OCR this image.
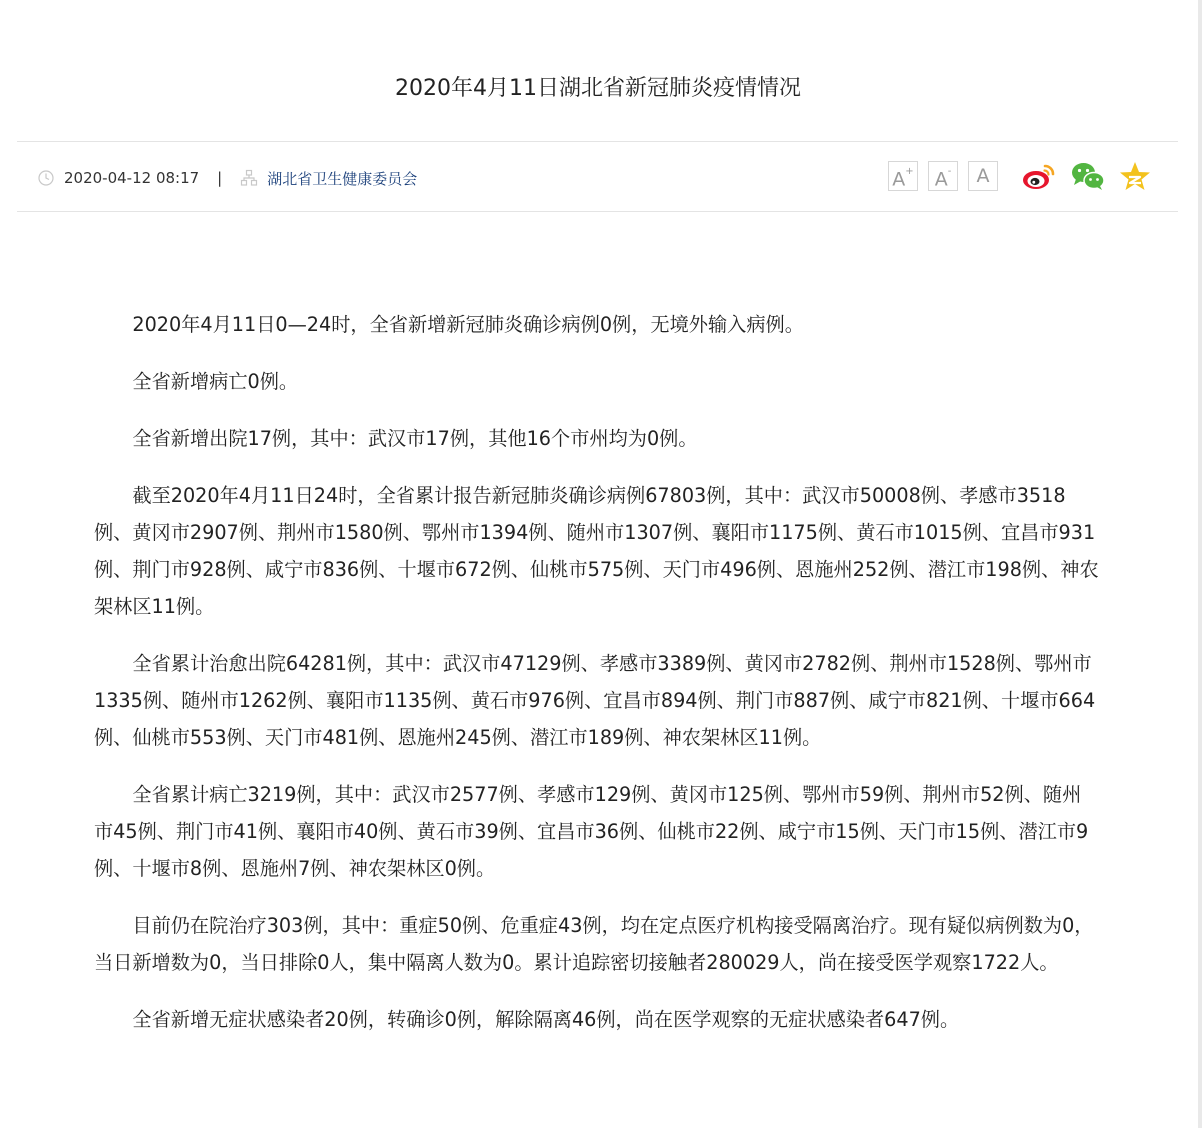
2020年4月11日湖北省新冠肺炎疫情情况
2020-04-12 08:17 |	湖北省卫生健康委员会	A+	A-	A

2020年4月11日0—24时，全省新增新冠肺炎确诊病例0例，无境外输入病例。

全省新增病亡0例。

全省新增出院17例，其中：武汉市17例，其他16个市州均为0例。

截至2020年4月11日24时，全省累计报告新冠肺炎确诊病例67803例，其中：武汉市50008例、孝感市3518例、黄冈市2907例、荆州市1580例、鄂州市1394例、随州市1307例、襄阳市1175例、黄石市1015例、宜昌市931例、荆门市928例、咸宁市836例、十堰市672例、仙桃市575例、天门市496例、恩施州252例、潜江市198例、神农架林区11例。

全省累计治愈出院64281例，其中：武汉市47129例、孝感市3389例、黄冈市2782例、荆州市1528例、鄂州市1335例、随州市1262例、襄阳市1135例、黄石市976例、宜昌市894例、荆门市887例、咸宁市821例、十堰市664例、仙桃市553例、天门市481例、恩施州245例、潜江市189例、神农架林区11例。

全省累计病亡3219例，其中：武汉市2577例、孝感市129例、黄冈市125例、鄂州市59例、荆州市52例、随州市45例、荆门市41例、襄阳市40例、黄石市39例、宜昌市36例、仙桃市22例、咸宁市15例、天门市15例、潜江市9例、十堰市8例、恩施州7例、神农架林区0例。

目前仍在院治疗303例，其中：重症50例、危重症43例，均在定点医疗机构接受隔离治疗。现有疑似病例数为0，当日新增数为0，当日排除0人，集中隔离人数为0。累计追踪密切接触者280029人，尚在接受医学观察1722人。

全省新增无症状感染者20例，转确诊0例，解除隔离46例，尚在医学观察的无症状感染者647例。
